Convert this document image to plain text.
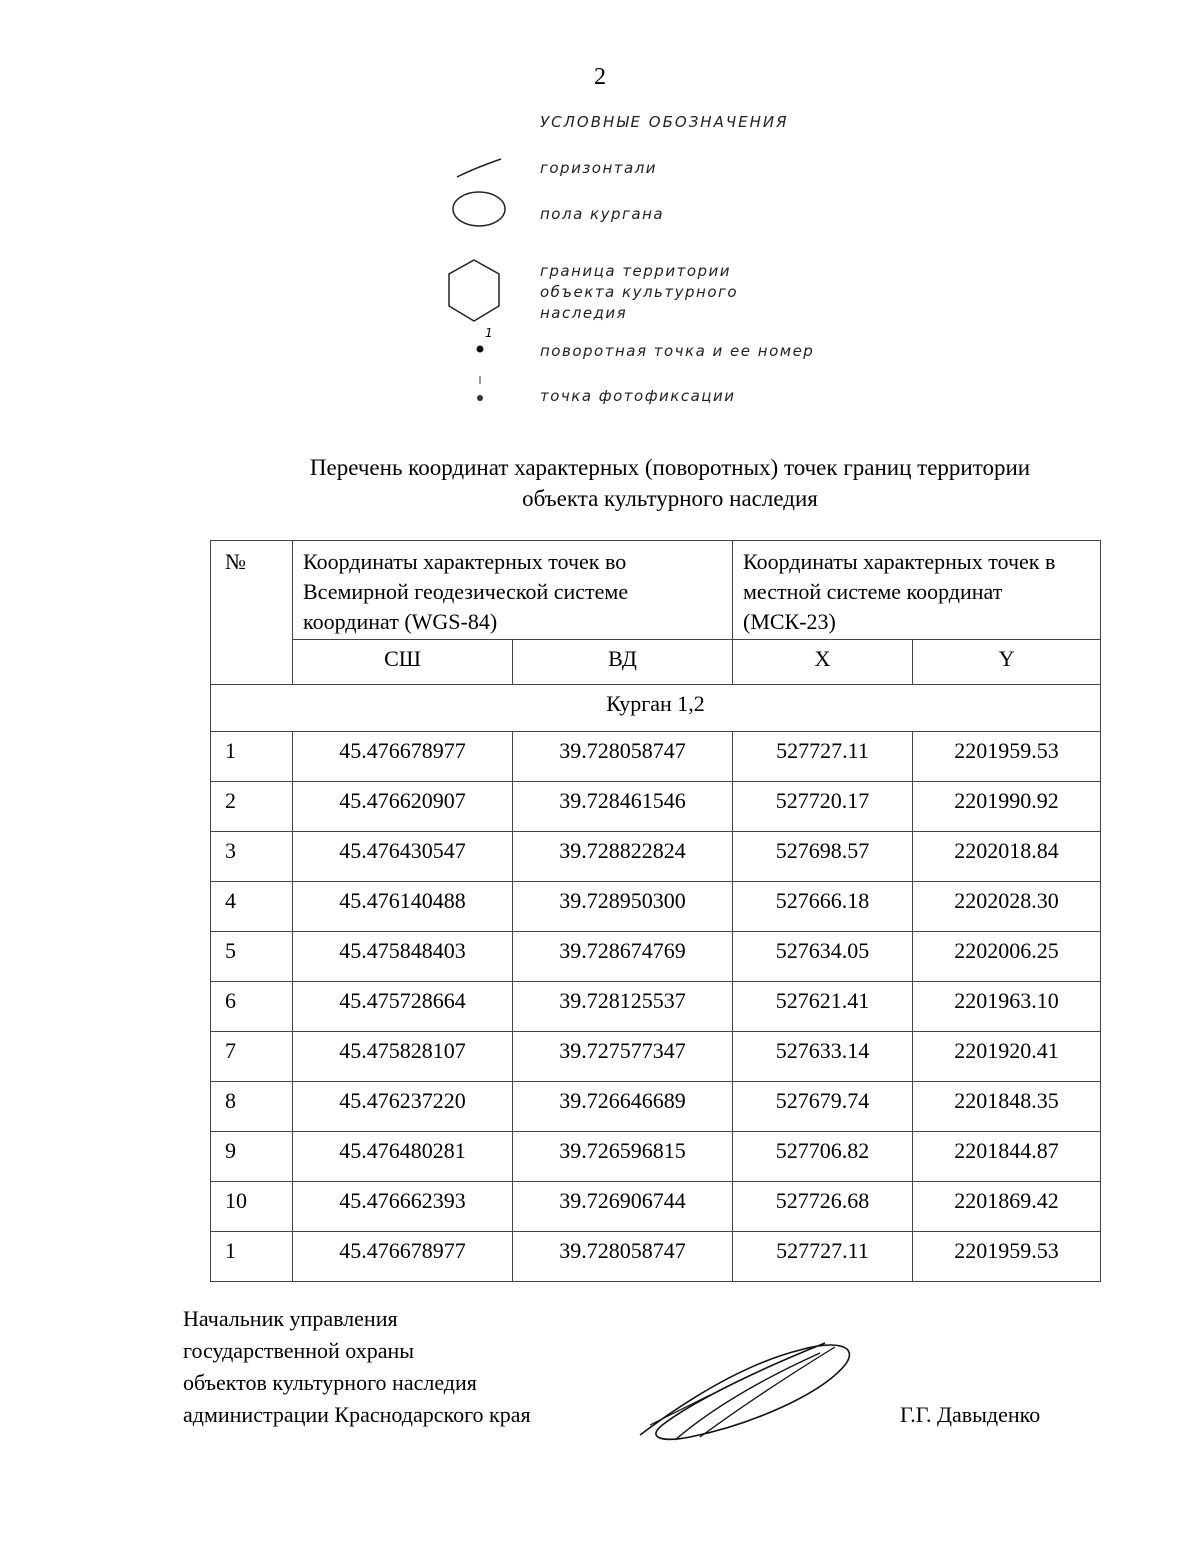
2
УСЛОВНЫЕ ОБОЗНАЧЕНИЯ
горизонтали
пола кургана
граница территории объекта культурного наследия
1
поворотная точка и ее номер
точка фотофиксации
Перечень координат характерных (поворотных) точек границ территории
объекта культурного наследия
№	Координаты характерных точек во Всемирной геодезической системе координат (WGS-84)		Координаты характерных точек в местной системе координат (МСК-23)	
	СШ	ВД	X	Y
Курган 1,2				
1	45.476678977	39.728058747	527727.11	2201959.53
2	45.476620907	39.728461546	527720.17	2201990.92
3	45.476430547	39.728822824	527698.57	2202018.84
4	45.476140488	39.728950300	527666.18	2202028.30
5	45.475848403	39.728674769	527634.05	2202006.25
6	45.475728664	39.728125537	527621.41	2201963.10
7	45.475828107	39.727577347	527633.14	2201920.41
8	45.476237220	39.726646689	527679.74	2201848.35
9	45.476480281	39.726596815	527706.82	2201844.87
10	45.476662393	39.726906744	527726.68	2201869.42
1	45.476678977	39.728058747	527727.11	2201959.53
Начальник управления
государственной охраны
объектов культурного наследия
администрации Краснодарского края	Г.Г. Давыденко
